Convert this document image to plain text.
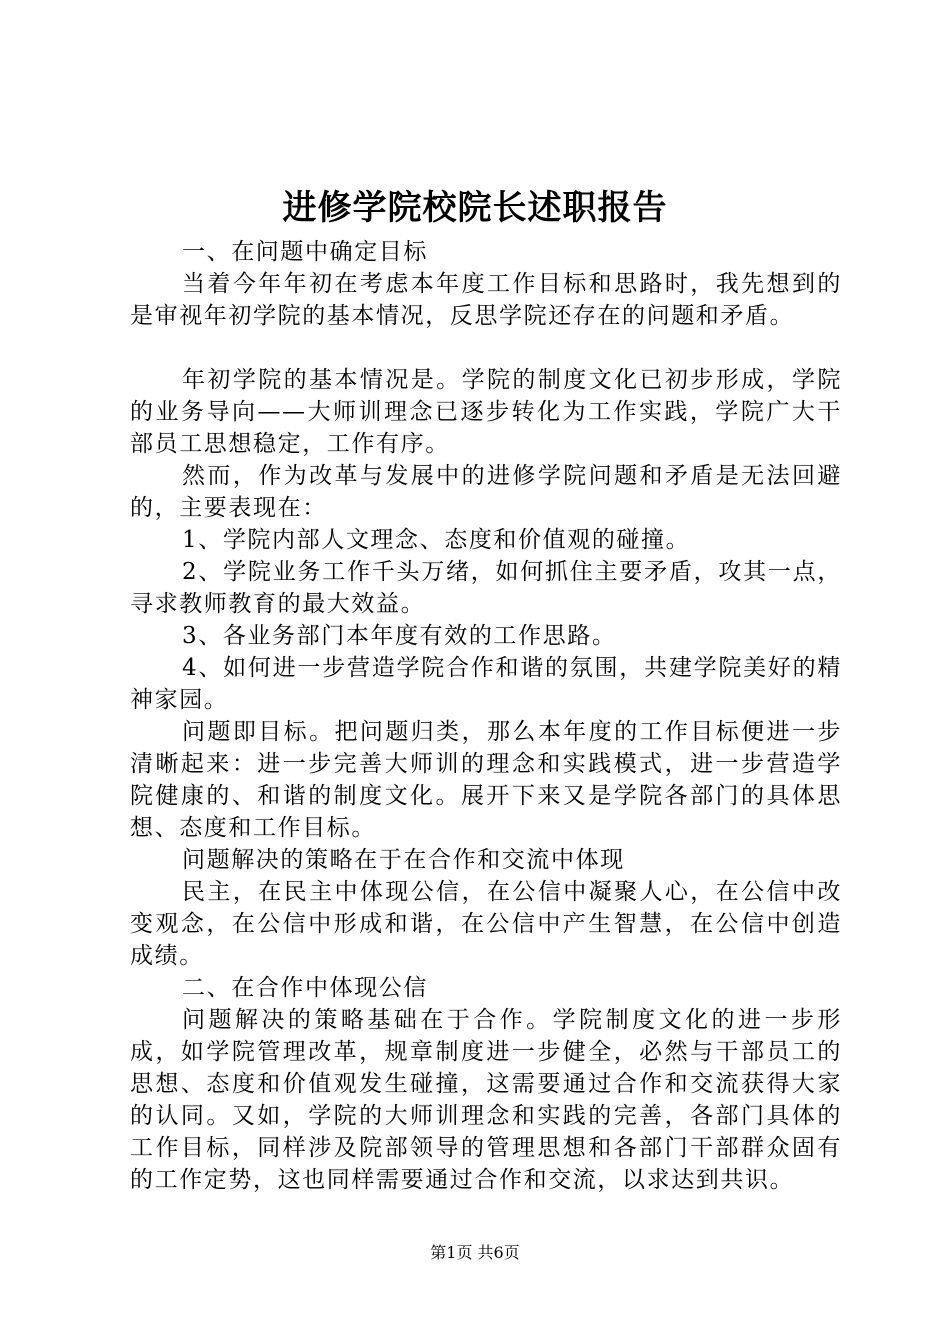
进修学院校院长述职报告

一、在问题中确定目标

当着今年年初在考虑本年度工作目标和思路时，我先想到的是审视年初学院的基本情况，反思学院还存在的问题和矛盾。

年初学院的基本情况是。学院的制度文化已初步形成，学院的业务导向——大师训理念已逐步转化为工作实践，学院广大干部员工思想稳定，工作有序。

然而，作为改革与发展中的进修学院问题和矛盾是无法回避的，主要表现在：

1、学院内部人文理念、态度和价值观的碰撞。

2、学院业务工作千头万绪，如何抓住主要矛盾，攻其一点，寻求教师教育的最大效益。

3、各业务部门本年度有效的工作思路。

4、如何进一步营造学院合作和谐的氛围，共建学院美好的精神家园。

问题即目标。把问题归类，那么本年度的工作目标便进一步清晰起来：进一步完善大师训的理念和实践模式，进一步营造学院健康的、和谐的制度文化。展开下来又是学院各部门的具体思想、态度和工作目标。

问题解决的策略在于在合作和交流中体现

民主，在民主中体现公信，在公信中凝聚人心，在公信中改变观念，在公信中形成和谐，在公信中产生智慧，在公信中创造成绩。

二、在合作中体现公信

问题解决的策略基础在于合作。学院制度文化的进一步形成，如学院管理改革，规章制度进一步健全，必然与干部员工的思想、态度和价值观发生碰撞，这需要通过合作和交流获得大家的认同。又如，学院的大师训理念和实践的完善，各部门具体的工作目标，同样涉及院部领导的管理思想和各部门干部群众固有的工作定势，这也同样需要通过合作和交流，以求达到共识。

第1页 共6页
